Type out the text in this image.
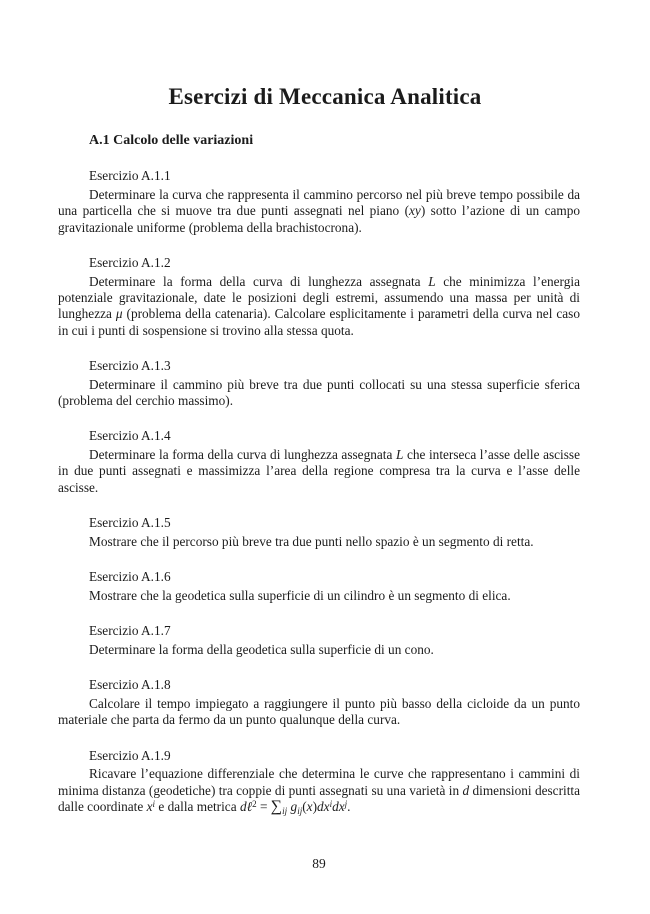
Esercizi di Meccanica Analitica
A.1 Calcolo delle variazioni

Esercizio A.1.1

Determinare la curva che rappresenta il cammino percorso nel più breve tempo possibile da una particella che si muove tra due punti assegnati nel piano (xy) sotto l’azione di un campo gravitazionale uniforme (problema della brachistocrona).

Esercizio A.1.2

Determinare la forma della curva di lunghezza assegnata L che minimizza l’energia potenziale gravitazionale, date le posizioni degli estremi, assumendo una massa per unità di lunghezza μ (problema della catenaria). Calcolare esplicitamente i parametri della curva nel caso in cui i punti di sospensione si trovino alla stessa quota.

Esercizio A.1.3

Determinare il cammino più breve tra due punti collocati su una stessa superficie sferica (problema del cerchio massimo).

Esercizio A.1.4

Determinare la forma della curva di lunghezza assegnata L che interseca l’asse delle ascisse in due punti assegnati e massimizza l’area della regione compresa tra la curva e l’asse delle ascisse.

Esercizio A.1.5

Mostrare che il percorso più breve tra due punti nello spazio è un segmento di retta.

Esercizio A.1.6

Mostrare che la geodetica sulla superficie di un cilindro è un segmento di elica.

Esercizio A.1.7

Determinare la forma della geodetica sulla superficie di un cono.

Esercizio A.1.8

Calcolare il tempo impiegato a raggiungere il punto più basso della cicloide da un punto materiale che parta da fermo da un punto qualunque della curva.

Esercizio A.1.9

Ricavare l’equazione differenziale che determina le curve che rappresentano i cammini di minima distanza (geodetiche) tra coppie di punti assegnati su una varietà in d dimensioni descritta dalle coordinate $x^i$ e dalla metrica dℓ$^2$ = $\sum_{ij}$ $g_{ij}(x)dx^idx^j$.

89
